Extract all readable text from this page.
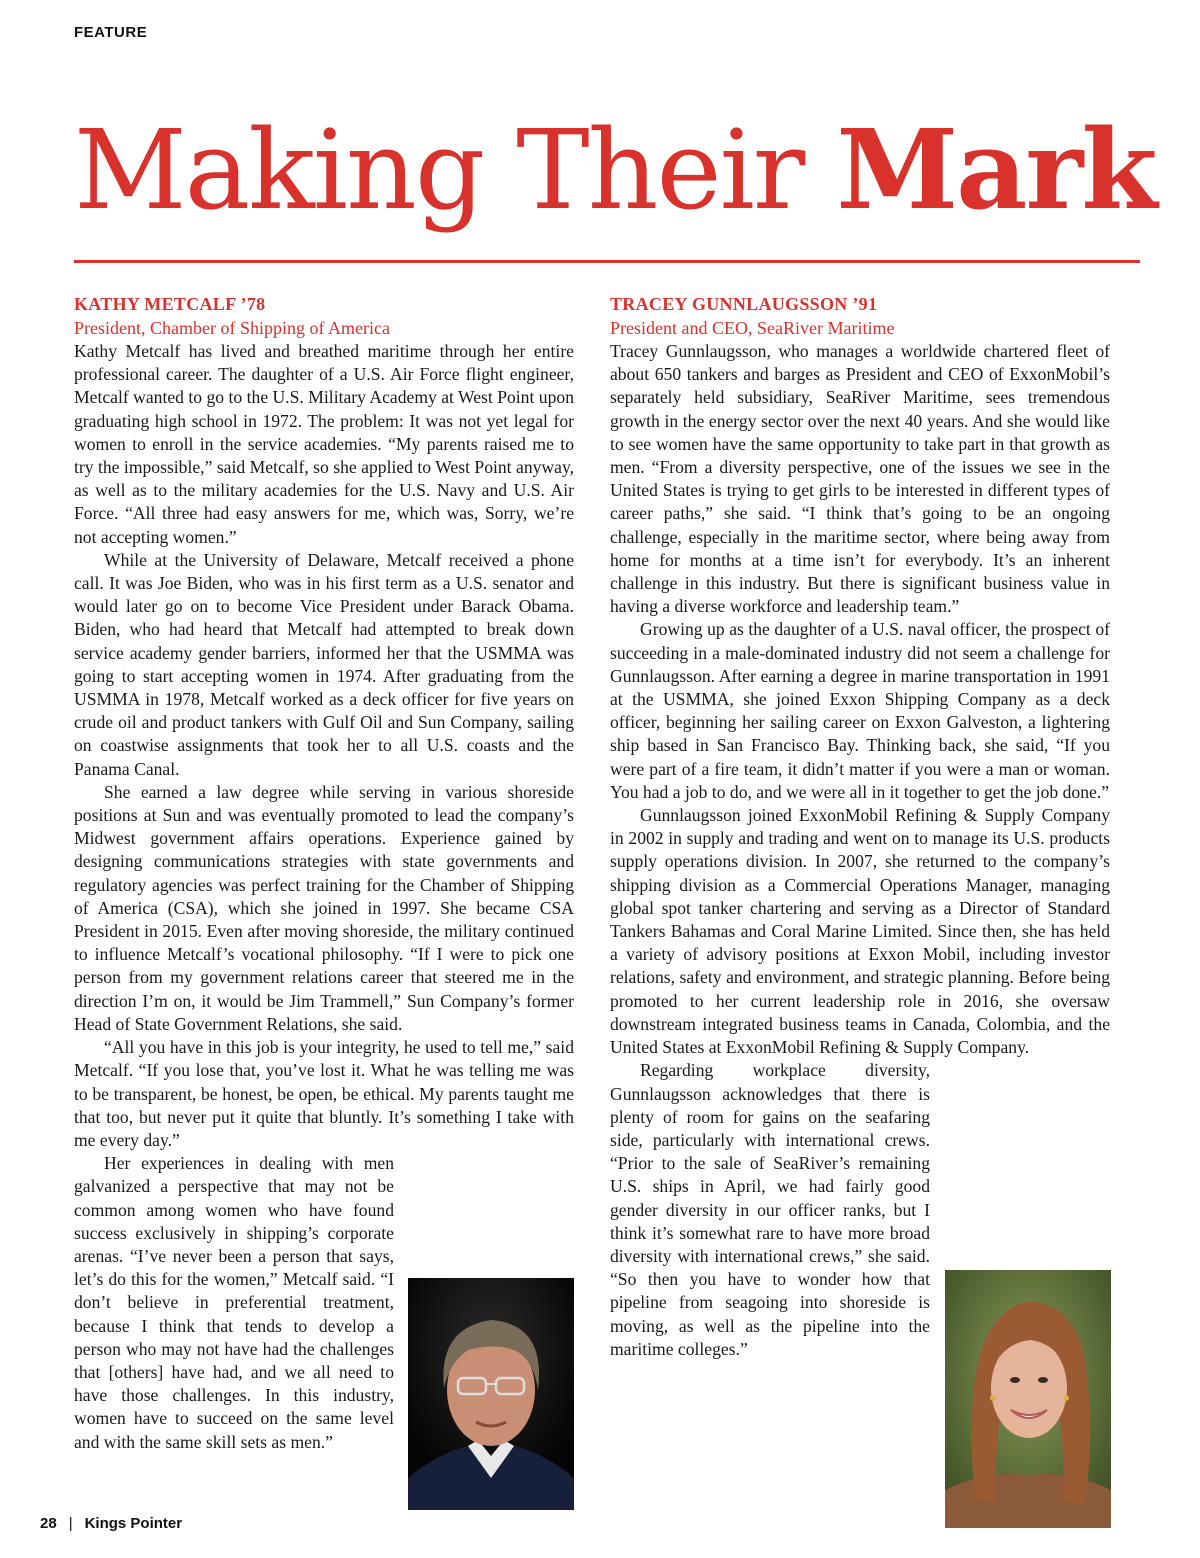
FEATURE
Making Their Mark
KATHY METCALF ’78
President, Chamber of Shipping of America

Kathy Metcalf has lived and breathed maritime through her entire professional career. The daughter of a U.S. Air Force flight engineer, Metcalf wanted to go to the U.S. Military Academy at West Point upon graduating high school in 1972. The problem: It was not yet legal for women to enroll in the service academies. “My parents raised me to try the impossible,” said Metcalf, so she applied to West Point anyway, as well as to the military academies for the U.S. Navy and U.S. Air Force. “All three had easy answers for me, which was, Sorry, we’re not accepting women.”

While at the University of Delaware, Metcalf received a phone call. It was Joe Biden, who was in his first term as a U.S. senator and would later go on to become Vice President under Barack Obama. Biden, who had heard that Metcalf had attempted to break down service academy gender barriers, informed her that the USMMA was going to start accepting women in 1974. After graduating from the USMMA in 1978, Metcalf worked as a deck officer for five years on crude oil and product tankers with Gulf Oil and Sun Company, sailing on coastwise assignments that took her to all U.S. coasts and the Panama Canal.

She earned a law degree while serving in various shoreside positions at Sun and was eventually promoted to lead the company’s Midwest government affairs operations. Experience gained by designing communications strategies with state governments and regulatory agencies was perfect training for the Chamber of Shipping of America (CSA), which she joined in 1997. She became CSA President in 2015. Even after moving shoreside, the military continued to influence Metcalf’s vocational philosophy. “If I were to pick one person from my government relations career that steered me in the direction I’m on, it would be Jim Trammell,” Sun Company’s former Head of State Government Relations, she said.

“All you have in this job is your integrity, he used to tell me,” said Metcalf. “If you lose that, you’ve lost it. What he was telling me was to be transparent, be honest, be open, be ethical. My parents taught me that too, but never put it quite that bluntly. It’s something I take with me every day.”

Her experiences in dealing with men galvanized a perspective that may not be common among women who have found success exclusively in shipping’s corporate arenas. “I’ve never been a person that says, let’s do this for the women,” Metcalf said. “I don’t believe in preferential treatment, because I think that tends to develop a person who may not have had the challenges that [others] have had, and we all need to have those challenges. In this industry, women have to succeed on the same level and with the same skill sets as men.”

TRACEY GUNNLAUGSSON ’91
President and CEO, SeaRiver Maritime

Tracey Gunnlaugsson, who manages a worldwide chartered fleet of about 650 tankers and barges as President and CEO of ExxonMobil’s separately held subsidiary, SeaRiver Maritime, sees tremendous growth in the energy sector over the next 40 years. And she would like to see women have the same opportunity to take part in that growth as men. “From a diversity perspective, one of the issues we see in the United States is trying to get girls to be interested in different types of career paths,” she said. “I think that’s going to be an ongoing challenge, especially in the maritime sector, where being away from home for months at a time isn’t for everybody. It’s an inherent challenge in this industry. But there is significant business value in having a diverse workforce and leadership team.”

Growing up as the daughter of a U.S. naval officer, the prospect of succeeding in a male-dominated industry did not seem a challenge for Gunnlaugsson. After earning a degree in marine transportation in 1991 at the USMMA, she joined Exxon Shipping Company as a deck officer, beginning her sailing career on Exxon Galveston, a lightering ship based in San Francisco Bay. Thinking back, she said, “If you were part of a fire team, it didn’t matter if you were a man or woman. You had a job to do, and we were all in it together to get the job done.”

Gunnlaugsson joined ExxonMobil Refining & Supply Company in 2002 in supply and trading and went on to manage its U.S. products supply operations division. In 2007, she returned to the company’s shipping division as a Commercial Operations Manager, managing global spot tanker chartering and serving as a Director of Standard Tankers Bahamas and Coral Marine Limited. Since then, she has held a variety of advisory positions at Exxon Mobil, including investor relations, safety and environment, and strategic planning. Before being promoted to her current leadership role in 2016, she oversaw downstream integrated business teams in Canada, Colombia, and the United States at ExxonMobil Refining & Supply Company.

Regarding workplace diversity, Gunnlaugsson acknowledges that there is plenty of room for gains on the seafaring side, particularly with international crews. “Prior to the sale of SeaRiver’s remaining U.S. ships in April, we had fairly good gender diversity in our officer ranks, but I think it’s somewhat rare to have more broad diversity with international crews,” she said. “So then you have to wonder how that pipeline from seagoing into shoreside is moving, as well as the pipeline into the maritime colleges.”

28 | Kings Pointer
